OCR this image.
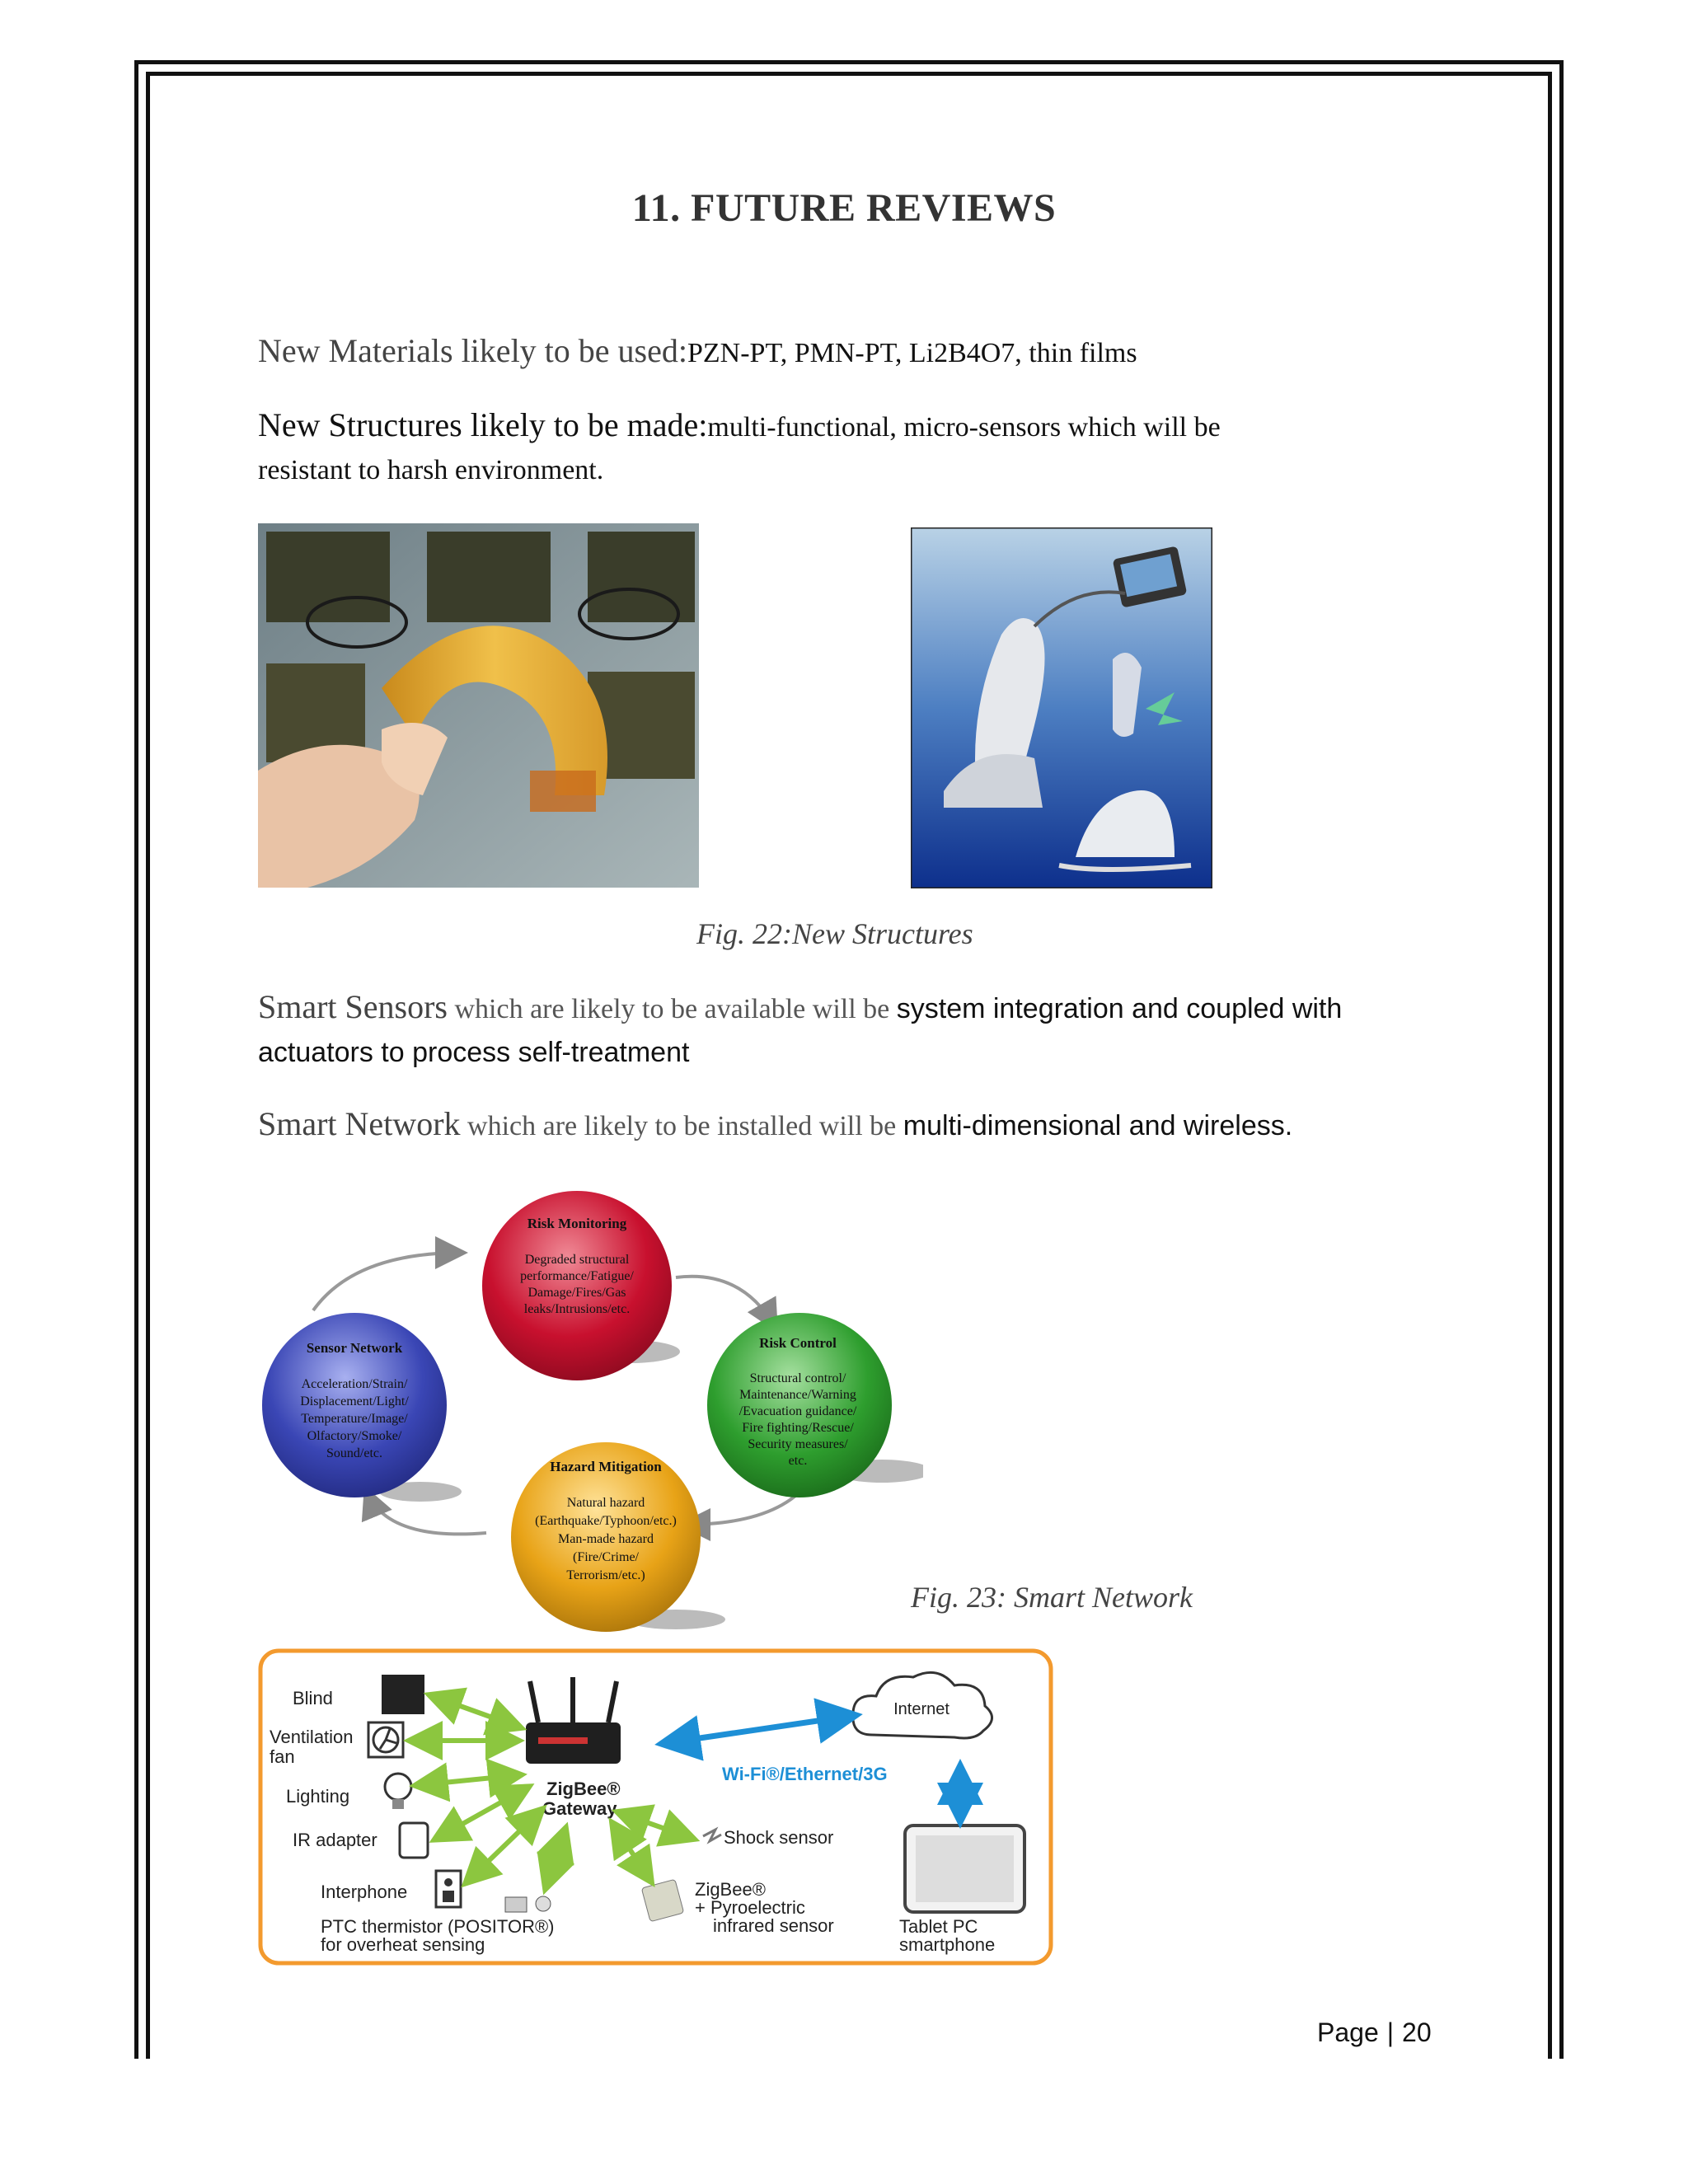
11. FUTURE REVIEWS
New Materials likely to be used:PZN-PT, PMN-PT, Li2B4O7, thin films
New Structures likely to be made:multi-functional, micro-sensors which will be
resistant to harsh environment.
Fig. 22:New Structures
Smart Sensors which are likely to be available will be system integration and coupled with
actuators to process self-treatment
Smart Network which are likely to be installed will be multi-dimensional and wireless.
Risk Monitoring
Degraded structural
performance/Fatigue/
Damage/Fires/Gas
leaks/Intrusions/etc.
Risk Control
Structural control/
Maintenance/Warning
/Evacuation guidance/
Fire fighting/Rescue/
Security measures/
etc.
Hazard Mitigation
Natural hazard
(Earthquake/Typhoon/etc.)
Man-made hazard
(Fire/Crime/
Terrorism/etc.)
Sensor Network
Acceleration/Strain/
Displacement/Light/
Temperature/Image/
Olfactory/Smoke/
Sound/etc.
Fig. 23: Smart Network
Blind
Ventilation
fan
Lighting
IR adapter
Interphone
PTC thermistor (POSITOR®)
for overheat sensing
ZigBee®
Gateway
Wi-Fi®/Ethernet/3G
Shock sensor
ZigBee®
+ Pyroelectric
infrared sensor	Tablet PC
smartphone
Internet
Page | 20
